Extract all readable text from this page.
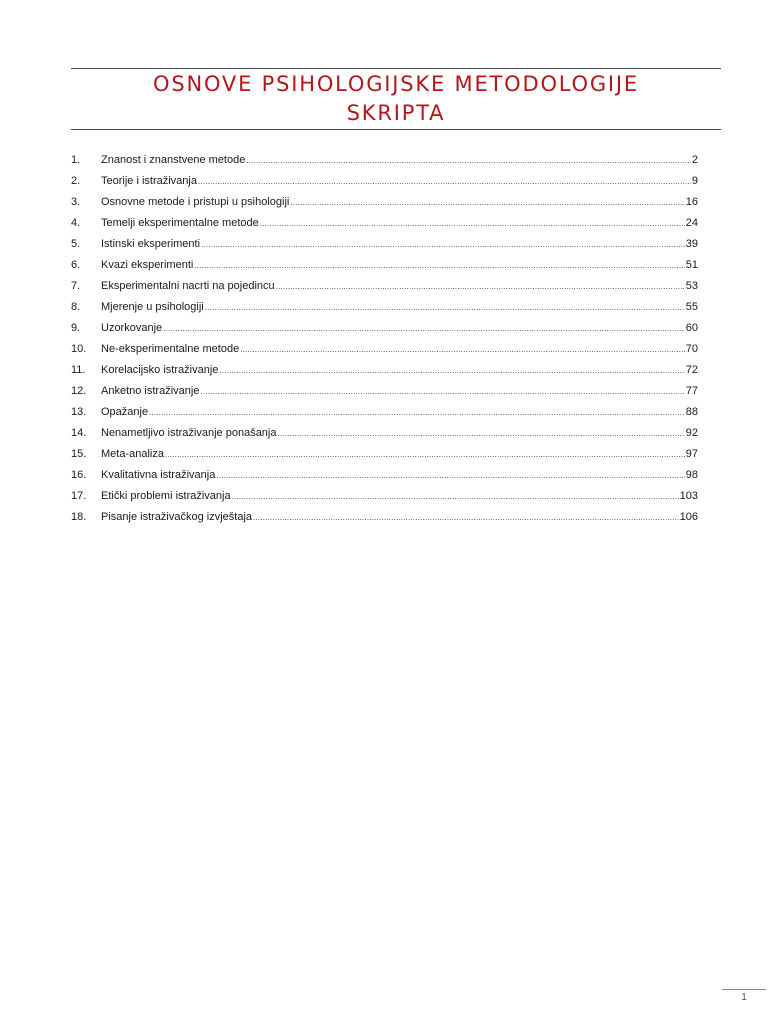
OSNOVE PSIHOLOGIJSKE METODOLOGIJE
SKRIPTA
1.	Znanost i znanstvene metode .....	2
2.	Teorije i istraživanja .....	9
3.	Osnovne metode i pristupi u psihologiji .....	16
4.	Temelji eksperimentalne metode .....	24
5.	Istinski eksperimenti .....	39
6.	Kvazi eksperimenti .....	51
7.	Eksperimentalni nacrti na pojedincu .....	53
8.	Mjerenje u psihologiji .....	55
9.	Uzorkovanje .....	60
10.	Ne-eksperimentalne metode .....	70
11.	Korelacijsko istraživanje .....	72
12.	Anketno istraživanje .....	77
13.	Opažanje .....	88
14.	Nenametljivo istraživanje ponašanja .....	92
15.	Meta-analiza .....	97
16.	Kvalitativna istraživanja .....	98
17.	Etički problemi istraživanja .....	103
18.	Pisanje istraživačkog izvještaja .....	106
1
